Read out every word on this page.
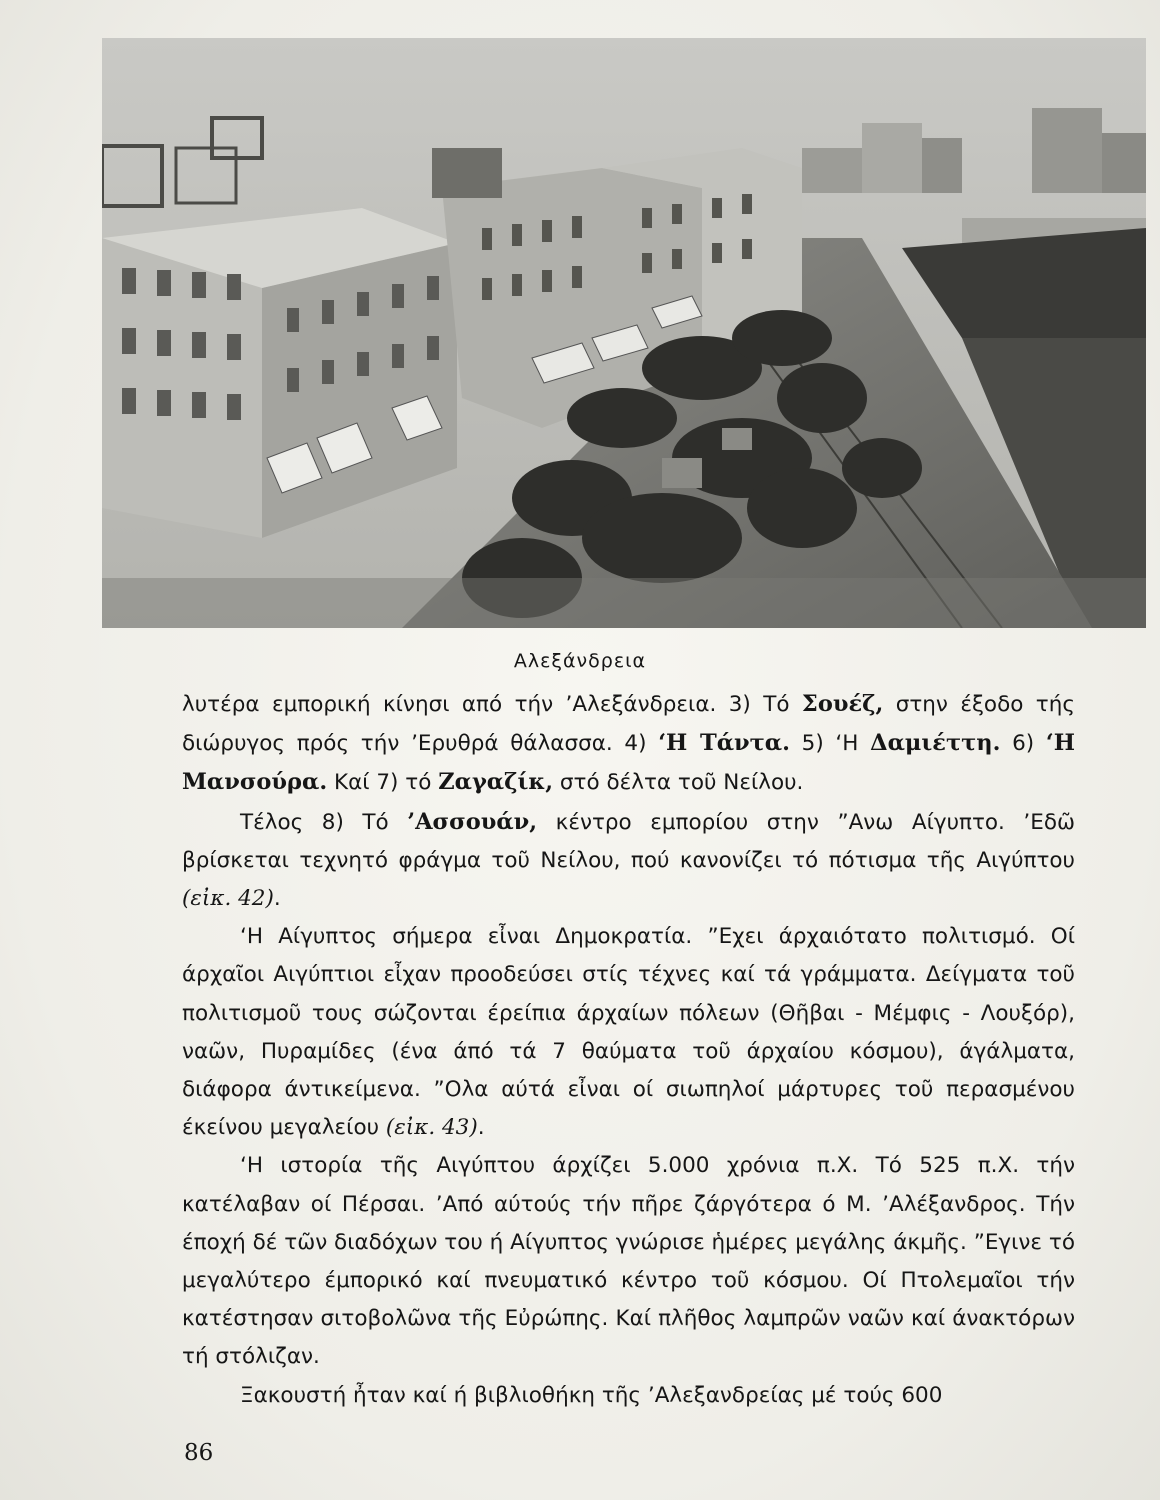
Αλεξάνδρεια

λυτέρα εμπορική κίνησι από τήν ’Αλεξάνδρεια. 3) Τό Σουέζ, στην έξοδο τής διώρυγος πρός τήν ’Ερυθρά θάλασσα. 4) ‘Η Τάντα. 5) ‘Η Δαμιέττη. 6) ‘Η Μανσούρα. Καί 7) τό Ζαγαζίκ, στό δέλτα τοῦ Νείλου.

Τέλος 8) Τό ’Ασσουάν, κέντρο εμπορίου στην ”Ανω Αίγυπτο. ’Εδῶ βρίσκεται τεχνητό φράγμα τοῦ Νείλου, πού κανονίζει τό πότισμα τῆς Αιγύπτου (εἰκ. 42).

‘Η Αίγυπτος σήμερα εἶναι Δημοκρατία. ”Εχει άρχαιότατο πολιτισμό. Οί άρχαῖοι Αιγύπτιοι εἶχαν προοδεύσει στίς τέχνες καί τά γράμματα. Δείγματα τοῦ πολιτισμοῦ τους σώζονται έρείπια άρχαίων πόλεων (Θῆβαι - Μέμφις - Λουξόρ), ναῶν, Πυραμίδες (ένα άπό τά 7 θαύματα τοῦ άρχαίου κόσμου), άγάλματα, διάφορα άντικείμενα. ”Ολα αύτά εἶναι οί σιωπηλοί μάρτυρες τοῦ περασμένου έκείνου μεγαλείου (εἰκ. 43).

‘Η ιστορία τῆς Αιγύπτου άρχίζει 5.000 χρόνια π.Χ. Τό 525 π.Χ. τήν κατέλαβαν οί Πέρσαι. ’Από αύτούς τήν πῆρε ζάργότερα ό Μ. ’Αλέξανδρος. Τήν έποχή δέ τῶν διαδόχων του ή Αίγυπτος γνώρισε ἡμέρες μεγάλης άκμῆς. ”Εγινε τό μεγαλύτερο έμπορικό καί πνευματικό κέντρο τοῦ κόσμου. Οί Πτολεμαῖοι τήν κατέστησαν σιτοβολῶνα τῆς Εὐρώπης. Καί πλῆθος λαμπρῶν ναῶν καί άνακτόρων τή στόλιζαν.

Ξακουστή ἦταν καί ή βιβλιοθήκη τῆς ’Αλεξανδρείας μέ τούς 600

86
